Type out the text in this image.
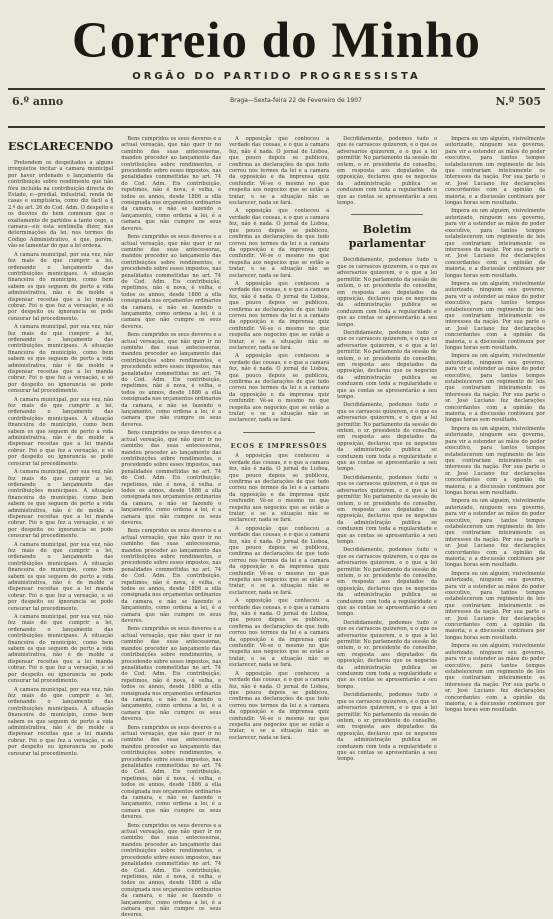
Correio do Minho
ORGÃO DO PARTIDO PROGRESSISTA
6.º anno	Braga—Sexta-feira 22 de Fevereiro de 1907	N.º 505
ESCLARECENDO

Pretendem os despeitados a alguns irrequietos incitar a camara municipal por haver ordenado o lançamento da contribuição sobre rendimento que não fôra incluída na contribuição directa do Estado, e—predial, industrial, renda de casas e sumptuária, como diz fácil a § 2.º do art. 26 do Cod. Adm. O despeito e os desvios do bem commum que o exaltamento de partidos a tanto cego, a camara—eis esta sentinella dizer, nas determinações da lei, nos termos do Código Administrativo, e que, porém, vão-se lamentar do que a lei ordena.

A camara municipal, por sua vez, não fez mais do que cumprir a lei, ordenando o lançamento das contribuições municipaes. A situação financeira do município, como bem sabem os que seguem de perto a vida administrativa, não é de molde a dispensar receitas que a lei manda cobrar. Foi o que fez a vereação, e só por despeito ou ignorancia se pode censurar tal procedimento.

A camara municipal, por sua vez, não fez mais do que cumprir a lei, ordenando o lançamento das contribuições municipaes. A situação financeira do município, como bem sabem os que seguem de perto a vida administrativa, não é de molde a dispensar receitas que a lei manda cobrar. Foi o que fez a vereação, e só por despeito ou ignorancia se pode censurar tal procedimento.

A camara municipal, por sua vez, não fez mais do que cumprir a lei, ordenando o lançamento das contribuições municipaes. A situação financeira do município, como bem sabem os que seguem de perto a vida administrativa, não é de molde a dispensar receitas que a lei manda cobrar. Foi o que fez a vereação, e só por despeito ou ignorancia se pode censurar tal procedimento.

A camara municipal, por sua vez, não fez mais do que cumprir a lei, ordenando o lançamento das contribuições municipaes. A situação financeira do município, como bem sabem os que seguem de perto a vida administrativa, não é de molde a dispensar receitas que a lei manda cobrar. Foi o que fez a vereação, e só por despeito ou ignorancia se pode censurar tal procedimento.

A camara municipal, por sua vez, não fez mais do que cumprir a lei, ordenando o lançamento das contribuições municipaes. A situação financeira do município, como bem sabem os que seguem de perto a vida administrativa, não é de molde a dispensar receitas que a lei manda cobrar. Foi o que fez a vereação, e só por despeito ou ignorancia se pode censurar tal procedimento.

A camara municipal, por sua vez, não fez mais do que cumprir a lei, ordenando o lançamento das contribuições municipaes. A situação financeira do município, como bem sabem os que seguem de perto a vida administrativa, não é de molde a dispensar receitas que a lei manda cobrar. Foi o que fez a vereação, e só por despeito ou ignorancia se pode censurar tal procedimento.

A camara municipal, por sua vez, não fez mais do que cumprir a lei, ordenando o lançamento das contribuições municipaes. A situação financeira do município, como bem sabem os que seguem de perto a vida administrativa, não é de molde a dispensar receitas que a lei manda cobrar. Foi o que fez a vereação, e só por despeito ou ignorancia se pode censurar tal procedimento.

Bens cumpridos os seus deveres e a actual vereação, que não quer ir no caminho das suas antecessoras, mandou proceder ao lançamento das contribuições sobre rendimentos, e procedendo sobre esses impostos, nas penalidades commettidas no art. 74 do Cod. Adm. Eis contribuição, repetimos, não é nova, é velha, e todos os annos, desde 1886 a ella consignada nos orçamentos ordinarios da camara, e não se fazendo o lançamento, como ordena a lei, é a camara que não cumpre os seus deveres.

Bens cumpridos os seus deveres e a actual vereação, que não quer ir no caminho das suas antecessoras, mandou proceder ao lançamento das contribuições sobre rendimentos, e procedendo sobre esses impostos, nas penalidades commettidas no art. 74 do Cod. Adm. Eis contribuição, repetimos, não é nova, é velha, e todos os annos, desde 1886 a ella consignada nos orçamentos ordinarios da camara, e não se fazendo o lançamento, como ordena a lei, é a camara que não cumpre os seus deveres.

Bens cumpridos os seus deveres e a actual vereação, que não quer ir no caminho das suas antecessoras, mandou proceder ao lançamento das contribuições sobre rendimentos, e procedendo sobre esses impostos, nas penalidades commettidas no art. 74 do Cod. Adm. Eis contribuição, repetimos, não é nova, é velha, e todos os annos, desde 1886 a ella consignada nos orçamentos ordinarios da camara, e não se fazendo o lançamento, como ordena a lei, é a camara que não cumpre os seus deveres.

Bens cumpridos os seus deveres e a actual vereação, que não quer ir no caminho das suas antecessoras, mandou proceder ao lançamento das contribuições sobre rendimentos, e procedendo sobre esses impostos, nas penalidades commettidas no art. 74 do Cod. Adm. Eis contribuição, repetimos, não é nova, é velha, e todos os annos, desde 1886 a ella consignada nos orçamentos ordinarios da camara, e não se fazendo o lançamento, como ordena a lei, é a camara que não cumpre os seus deveres.

Bens cumpridos os seus deveres e a actual vereação, que não quer ir no caminho das suas antecessoras, mandou proceder ao lançamento das contribuições sobre rendimentos, e procedendo sobre esses impostos, nas penalidades commettidas no art. 74 do Cod. Adm. Eis contribuição, repetimos, não é nova, é velha, e todos os annos, desde 1886 a ella consignada nos orçamentos ordinarios da camara, e não se fazendo o lançamento, como ordena a lei, é a camara que não cumpre os seus deveres.

Bens cumpridos os seus deveres e a actual vereação, que não quer ir no caminho das suas antecessoras, mandou proceder ao lançamento das contribuições sobre rendimentos, e procedendo sobre esses impostos, nas penalidades commettidas no art. 74 do Cod. Adm. Eis contribuição, repetimos, não é nova, é velha, e todos os annos, desde 1886 a ella consignada nos orçamentos ordinarios da camara, e não se fazendo o lançamento, como ordena a lei, é a camara que não cumpre os seus deveres.

Bens cumpridos os seus deveres e a actual vereação, que não quer ir no caminho das suas antecessoras, mandou proceder ao lançamento das contribuições sobre rendimentos, e procedendo sobre esses impostos, nas penalidades commettidas no art. 74 do Cod. Adm. Eis contribuição, repetimos, não é nova, é velha, e todos os annos, desde 1886 a ella consignada nos orçamentos ordinarios da camara, e não se fazendo o lançamento, como ordena a lei, é a camara que não cumpre os seus deveres.

Bens cumpridos os seus deveres e a actual vereação, que não quer ir no caminho das suas antecessoras, mandou proceder ao lançamento das contribuições sobre rendimentos, e procedendo sobre esses impostos, nas penalidades commettidas no art. 74 do Cod. Adm. Eis contribuição, repetimos, não é nova, é velha, e todos os annos, desde 1886 a ella consignada nos orçamentos ordinarios da camara, e não se fazendo o lançamento, como ordena a lei, é a camara que não cumpre os seus deveres.

A opposição que conheceu a verdade das cousas, e o que a camara fez, não é nada. O jornal de Lisboa, que pouco depois se publicou, confirma as declarações de que tudo correu nos termos da lei e a camara da opposição e da imprensa quiz confundir. Vê-se o mesmo no que respeita aos negocios que se estão a tratar, e se a situação não se esclarecer, nada se fará.

A opposição que conheceu a verdade das cousas, e o que a camara fez, não é nada. O jornal de Lisboa, que pouco depois se publicou, confirma as declarações de que tudo correu nos termos da lei e a camara da opposição e da imprensa quiz confundir. Vê-se o mesmo no que respeita aos negocios que se estão a tratar, e se a situação não se esclarecer, nada se fará.

A opposição que conheceu a verdade das cousas, e o que a camara fez, não é nada. O jornal de Lisboa, que pouco depois se publicou, confirma as declarações de que tudo correu nos termos da lei e a camara da opposição e da imprensa quiz confundir. Vê-se o mesmo no que respeita aos negocios que se estão a tratar, e se a situação não se esclarecer, nada se fará.

A opposição que conheceu a verdade das cousas, e o que a camara fez, não é nada. O jornal de Lisboa, que pouco depois se publicou, confirma as declarações de que tudo correu nos termos da lei e a camara da opposição e da imprensa quiz confundir. Vê-se o mesmo no que respeita aos negocios que se estão a tratar, e se a situação não se esclarecer, nada se fará.

ECOS E IMPRESSÕES

A opposição que conheceu a verdade das cousas, e o que a camara fez, não é nada. O jornal de Lisboa, que pouco depois se publicou, confirma as declarações de que tudo correu nos termos da lei e a camara da opposição e da imprensa quiz confundir. Vê-se o mesmo no que respeita aos negocios que se estão a tratar, e se a situação não se esclarecer, nada se fará.

A opposição que conheceu a verdade das cousas, e o que a camara fez, não é nada. O jornal de Lisboa, que pouco depois se publicou, confirma as declarações de que tudo correu nos termos da lei e a camara da opposição e da imprensa quiz confundir. Vê-se o mesmo no que respeita aos negocios que se estão a tratar, e se a situação não se esclarecer, nada se fará.

A opposição que conheceu a verdade das cousas, e o que a camara fez, não é nada. O jornal de Lisboa, que pouco depois se publicou, confirma as declarações de que tudo correu nos termos da lei e a camara da opposição e da imprensa quiz confundir. Vê-se o mesmo no que respeita aos negocios que se estão a tratar, e se a situação não se esclarecer, nada se fará.

A opposição que conheceu a verdade das cousas, e o que a camara fez, não é nada. O jornal de Lisboa, que pouco depois se publicou, confirma as declarações de que tudo correu nos termos da lei e a camara da opposição e da imprensa quiz confundir. Vê-se o mesmo no que respeita aos negocios que se estão a tratar, e se a situação não se esclarecer, nada se fará.

Decididamente, podemos tudo o que os carrascos quizerem, e o que os adversarios quizerem, e o que a lei permittir. No parlamento da sessão de ontem, o sr. presidente do conselho, em resposta aos deputados da opposição, declarou que os negocios da administração publica se conduzem com toda a regularidade e que as contas se apresentarão a seu tempo.

Boletim parlamentar

Decididamente, podemos tudo o que os carrascos quizerem, e o que os adversarios quizerem, e o que a lei permittir. No parlamento da sessão de ontem, o sr. presidente do conselho, em resposta aos deputados da opposição, declarou que os negocios da administração publica se conduzem com toda a regularidade e que as contas se apresentarão a seu tempo.

Decididamente, podemos tudo o que os carrascos quizerem, e o que os adversarios quizerem, e o que a lei permittir. No parlamento da sessão de ontem, o sr. presidente do conselho, em resposta aos deputados da opposição, declarou que os negocios da administração publica se conduzem com toda a regularidade e que as contas se apresentarão a seu tempo.

Decididamente, podemos tudo o que os carrascos quizerem, e o que os adversarios quizerem, e o que a lei permittir. No parlamento da sessão de ontem, o sr. presidente do conselho, em resposta aos deputados da opposição, declarou que os negocios da administração publica se conduzem com toda a regularidade e que as contas se apresentarão a seu tempo.

Decididamente, podemos tudo o que os carrascos quizerem, e o que os adversarios quizerem, e o que a lei permittir. No parlamento da sessão de ontem, o sr. presidente do conselho, em resposta aos deputados da opposição, declarou que os negocios da administração publica se conduzem com toda a regularidade e que as contas se apresentarão a seu tempo.

Decididamente, podemos tudo o que os carrascos quizerem, e o que os adversarios quizerem, e o que a lei permittir. No parlamento da sessão de ontem, o sr. presidente do conselho, em resposta aos deputados da opposição, declarou que os negocios da administração publica se conduzem com toda a regularidade e que as contas se apresentarão a seu tempo.

Decididamente, podemos tudo o que os carrascos quizerem, e o que os adversarios quizerem, e o que a lei permittir. No parlamento da sessão de ontem, o sr. presidente do conselho, em resposta aos deputados da opposição, declarou que os negocios da administração publica se conduzem com toda a regularidade e que as contas se apresentarão a seu tempo.

Decididamente, podemos tudo o que os carrascos quizerem, e o que os adversarios quizerem, e o que a lei permittir. No parlamento da sessão de ontem, o sr. presidente do conselho, em resposta aos deputados da opposição, declarou que os negocios da administração publica se conduzem com toda a regularidade e que as contas se apresentarão a seu tempo.

Impera ou um alguém, visivelmente autorizado, ninguem seu governo, para vir a estender as mãos do poder executivo, para tantos tempos estabelecerem um regimento de leis que contrariam inteiramente os interesses da nação. Por sua parte o sr. José Luciano fez declarações concordantes com a opinião da maioria, e a discussão continuou por longas horas sem resultado.

Impera ou um alguém, visivelmente autorizado, ninguem seu governo, para vir a estender as mãos do poder executivo, para tantos tempos estabelecerem um regimento de leis que contrariam inteiramente os interesses da nação. Por sua parte o sr. José Luciano fez declarações concordantes com a opinião da maioria, e a discussão continuou por longas horas sem resultado.

Impera ou um alguém, visivelmente autorizado, ninguem seu governo, para vir a estender as mãos do poder executivo, para tantos tempos estabelecerem um regimento de leis que contrariam inteiramente os interesses da nação. Por sua parte o sr. José Luciano fez declarações concordantes com a opinião da maioria, e a discussão continuou por longas horas sem resultado.

Impera ou um alguém, visivelmente autorizado, ninguem seu governo, para vir a estender as mãos do poder executivo, para tantos tempos estabelecerem um regimento de leis que contrariam inteiramente os interesses da nação. Por sua parte o sr. José Luciano fez declarações concordantes com a opinião da maioria, e a discussão continuou por longas horas sem resultado.

Impera ou um alguém, visivelmente autorizado, ninguem seu governo, para vir a estender as mãos do poder executivo, para tantos tempos estabelecerem um regimento de leis que contrariam inteiramente os interesses da nação. Por sua parte o sr. José Luciano fez declarações concordantes com a opinião da maioria, e a discussão continuou por longas horas sem resultado.

Impera ou um alguém, visivelmente autorizado, ninguem seu governo, para vir a estender as mãos do poder executivo, para tantos tempos estabelecerem um regimento de leis que contrariam inteiramente os interesses da nação. Por sua parte o sr. José Luciano fez declarações concordantes com a opinião da maioria, e a discussão continuou por longas horas sem resultado.

Impera ou um alguém, visivelmente autorizado, ninguem seu governo, para vir a estender as mãos do poder executivo, para tantos tempos estabelecerem um regimento de leis que contrariam inteiramente os interesses da nação. Por sua parte o sr. José Luciano fez declarações concordantes com a opinião da maioria, e a discussão continuou por longas horas sem resultado.

Impera ou um alguém, visivelmente autorizado, ninguem seu governo, para vir a estender as mãos do poder executivo, para tantos tempos estabelecerem um regimento de leis que contrariam inteiramente os interesses da nação. Por sua parte o sr. José Luciano fez declarações concordantes com a opinião da maioria, e a discussão continuou por longas horas sem resultado.
